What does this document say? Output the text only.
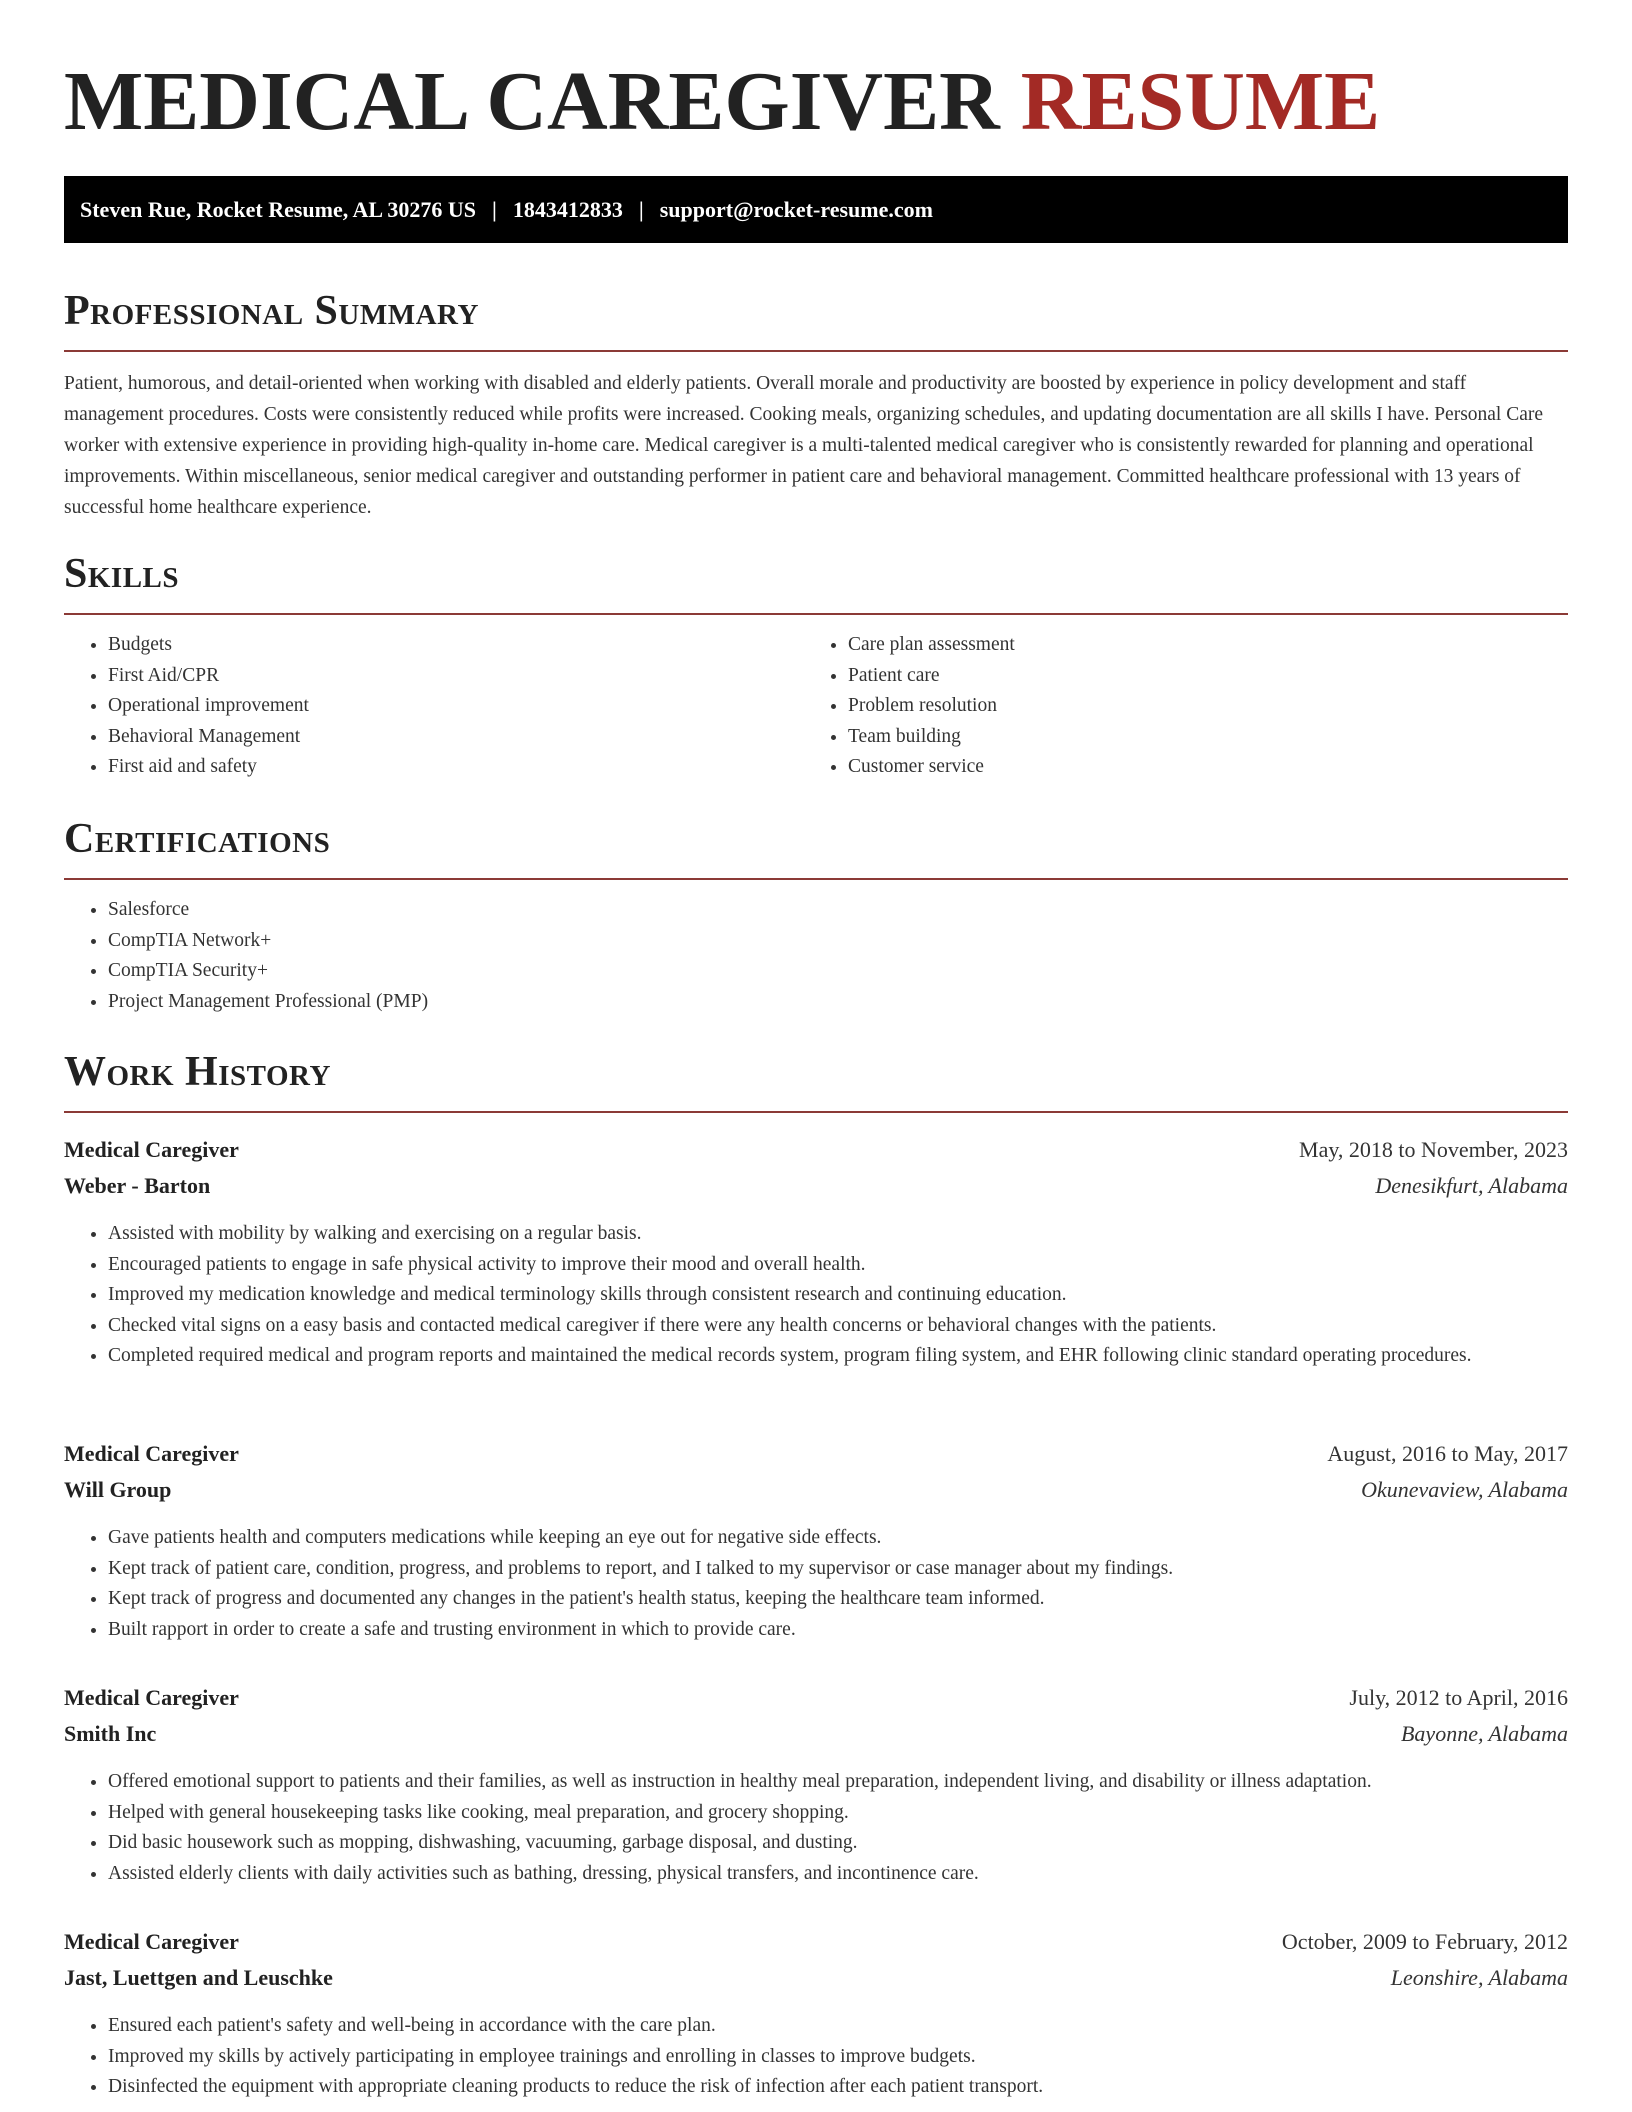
MEDICAL CAREGIVER RESUME
Steven Rue, Rocket Resume, AL 30276 US | 1843412833 | support@rocket-resume.com
Professional Summary

Patient, humorous, and detail-oriented when working with disabled and elderly patients. Overall morale and productivity are boosted by experience in policy development and staff management procedures. Costs were consistently reduced while profits were increased. Cooking meals, organizing schedules, and updating documentation are all skills I have. Personal Care worker with extensive experience in providing high-quality in-home care. Medical caregiver is a multi-talented medical caregiver who is consistently rewarded for planning and operational improvements. Within miscellaneous, senior medical caregiver and outstanding performer in patient care and behavioral management. Committed healthcare professional with 13 years of successful home healthcare experience.

Skills
• Budgets
• First Aid/CPR
• Operational improvement
• Behavioral Management
• First aid and safety
• Care plan assessment
• Patient care
• Problem resolution
• Team building
• Customer service
Certifications
• Salesforce
• CompTIA Network+
• CompTIA Security+
• Project Management Professional (PMP)
Work History
Medical Caregiver	May, 2018 to November, 2023
Weber - Barton	Denesikfurt, Alabama
• Assisted with mobility by walking and exercising on a regular basis.
• Encouraged patients to engage in safe physical activity to improve their mood and overall health.
• Improved my medication knowledge and medical terminology skills through consistent research and continuing education.
• Checked vital signs on a easy basis and contacted medical caregiver if there were any health concerns or behavioral changes with the patients.
• Completed required medical and program reports and maintained the medical records system, program filing system, and EHR following clinic standard operating procedures.
Medical Caregiver	August, 2016 to May, 2017
Will Group	Okunevaview, Alabama
• Gave patients health and computers medications while keeping an eye out for negative side effects.
• Kept track of patient care, condition, progress, and problems to report, and I talked to my supervisor or case manager about my findings.
• Kept track of progress and documented any changes in the patient's health status, keeping the healthcare team informed.
• Built rapport in order to create a safe and trusting environment in which to provide care.
Medical Caregiver	July, 2012 to April, 2016
Smith Inc	Bayonne, Alabama
• Offered emotional support to patients and their families, as well as instruction in healthy meal preparation, independent living, and disability or illness adaptation.
• Helped with general housekeeping tasks like cooking, meal preparation, and grocery shopping.
• Did basic housework such as mopping, dishwashing, vacuuming, garbage disposal, and dusting.
• Assisted elderly clients with daily activities such as bathing, dressing, physical transfers, and incontinence care.
Medical Caregiver	October, 2009 to February, 2012
Jast, Luettgen and Leuschke	Leonshire, Alabama
• Ensured each patient's safety and well-being in accordance with the care plan.
• Improved my skills by actively participating in employee trainings and enrolling in classes to improve budgets.
• Disinfected the equipment with appropriate cleaning products to reduce the risk of infection after each patient transport.
